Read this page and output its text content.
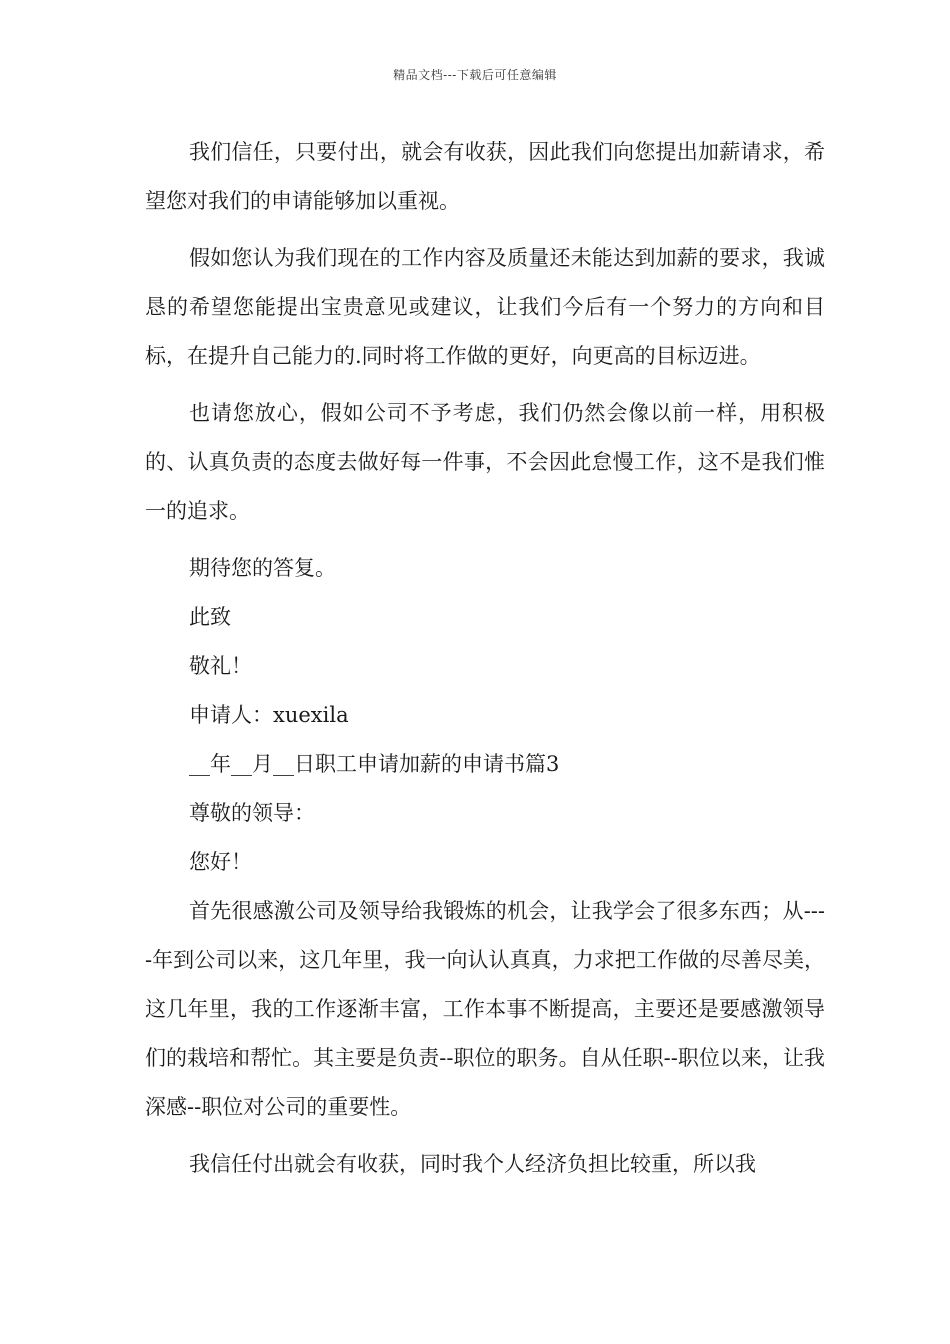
精品文档---下载后可任意编辑

我们信任，只要付出，就会有收获，因此我们向您提出加薪请求，希望您对我们的申请能够加以重视。

假如您认为我们现在的工作内容及质量还未能达到加薪的要求，我诚恳的希望您能提出宝贵意见或建议，让我们今后有一个努力的方向和目标，在提升自己能力的.同时将工作做的更好，向更高的目标迈进。

也请您放心，假如公司不予考虑，我们仍然会像以前一样，用积极的、认真负责的态度去做好每一件事，不会因此怠慢工作，这不是我们惟一的追求。

期待您的答复。

此致

敬礼！

申请人：xuexila

__年__月__日职工申请加薪的申请书篇3

尊敬的领导：

您好！

首先很感激公司及领导给我锻炼的机会，让我学会了很多东西；从----年到公司以来，这几年里，我一向认认真真，力求把工作做的尽善尽美，这几年里，我的工作逐渐丰富，工作本事不断提高，主要还是要感激领导们的栽培和帮忙。其主要是负责--职位的职务。自从任职--职位以来，让我深感--职位对公司的重要性。

我信任付出就会有收获，同时我个人经济负担比较重，所以我
